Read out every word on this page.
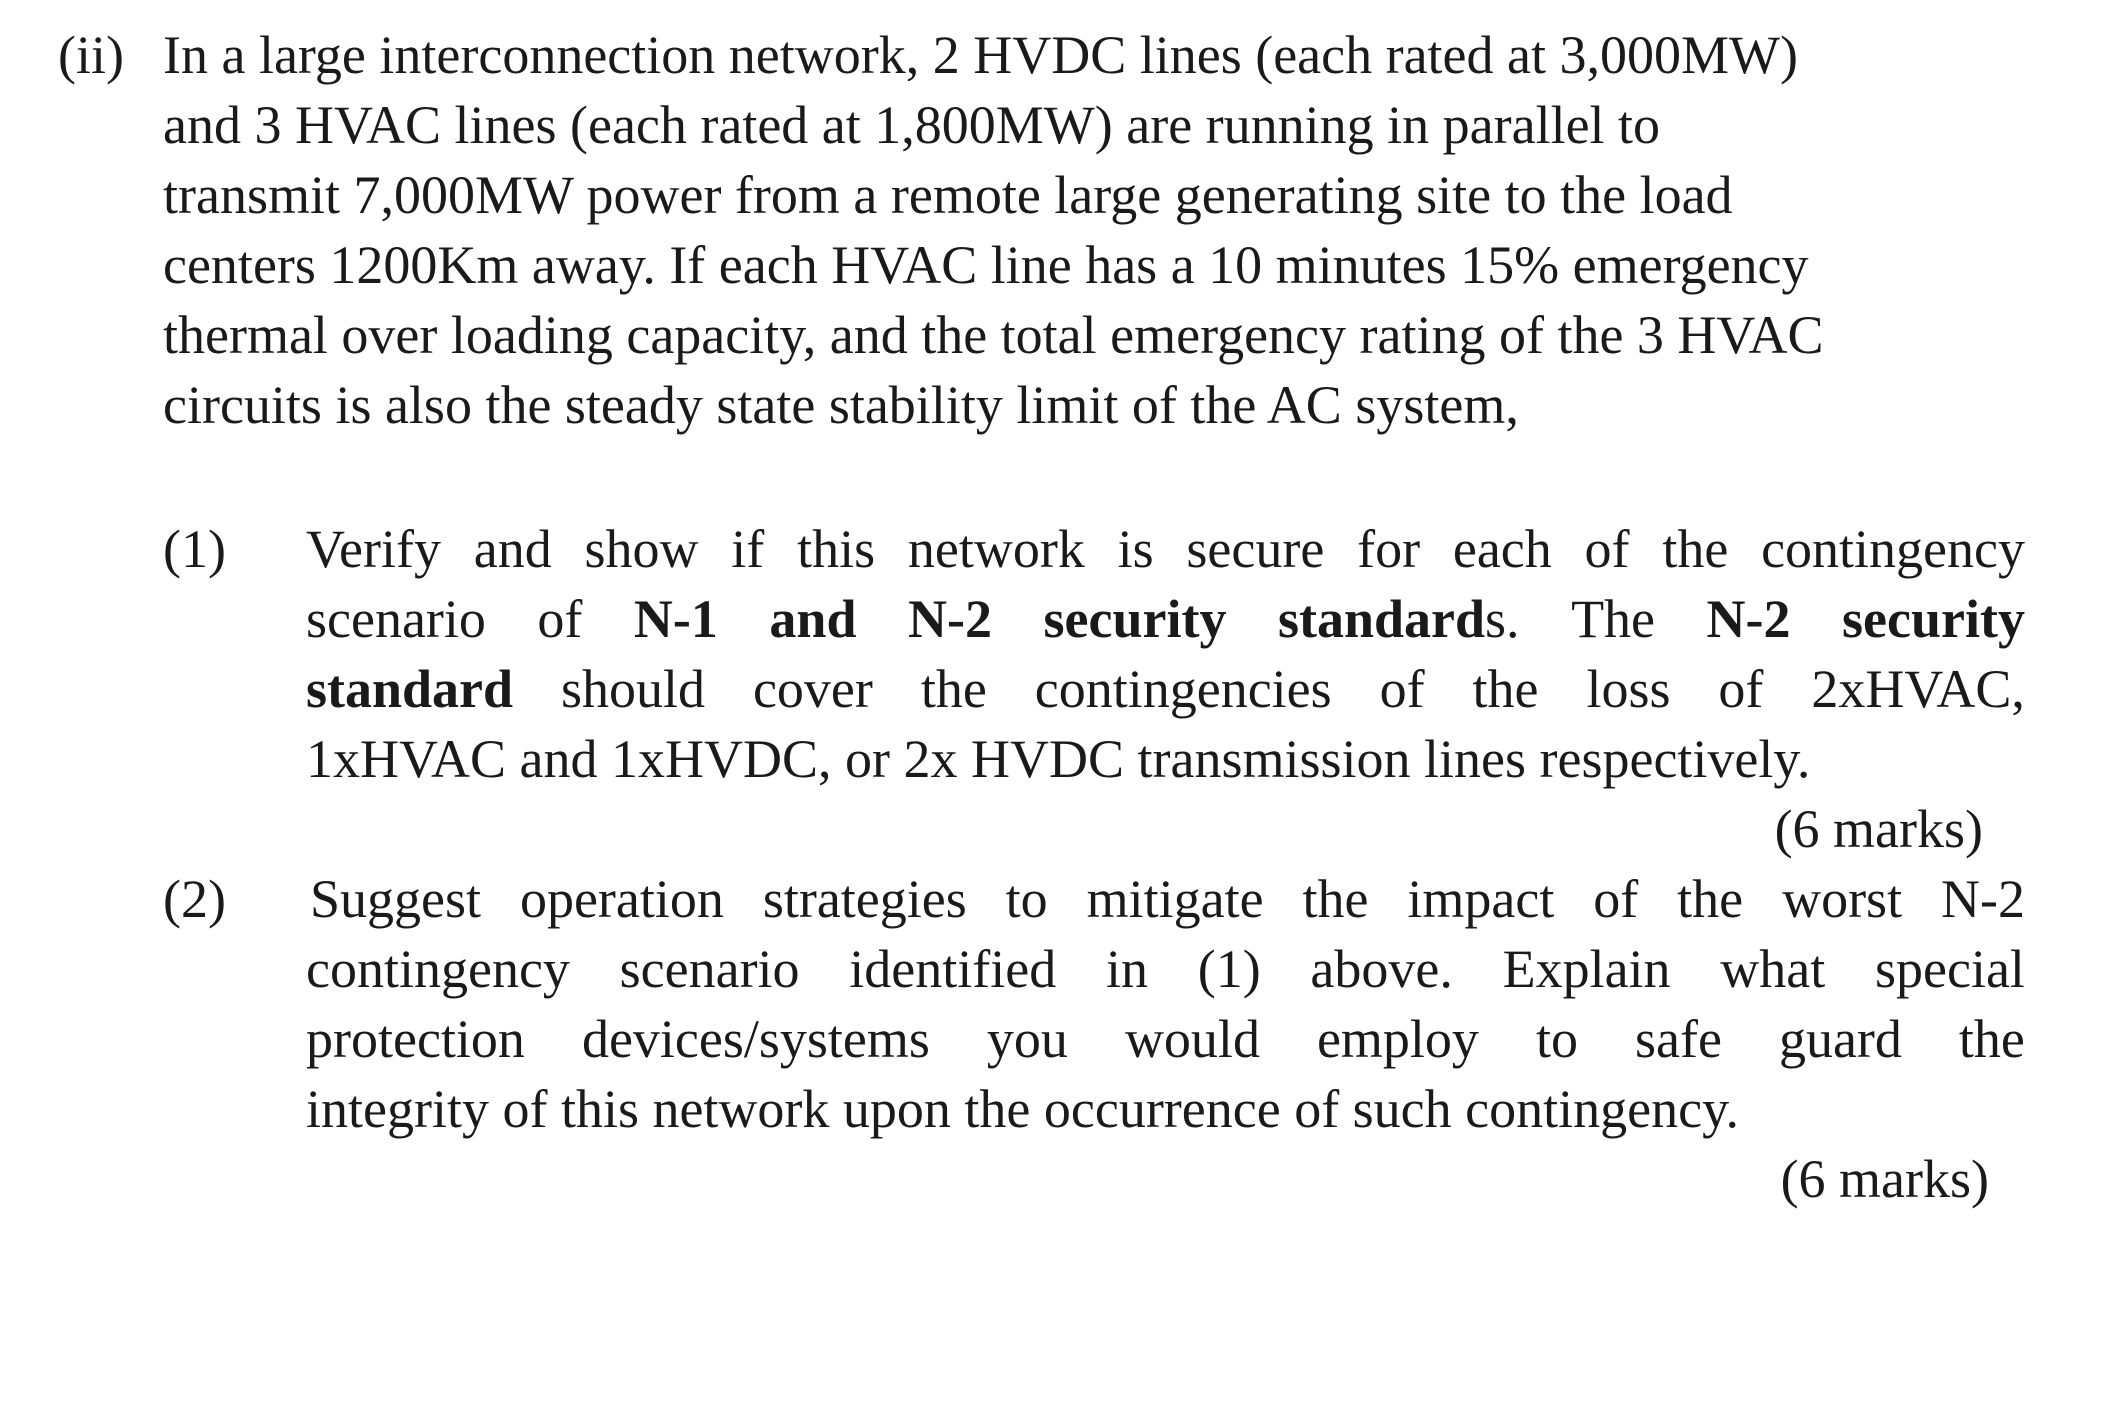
(ii) In a large interconnection network, 2 HVDC lines (each rated at 3,000MW)
and 3 HVAC lines (each rated at 1,800MW) are running in parallel to
transmit 7,000MW power from a remote large generating site to the load
centers 1200Km away. If each HVAC line has a 10 minutes 15% emergency
thermal over loading capacity, and the total emergency rating of the 3 HVAC
circuits is also the steady state stability limit of the AC system,
(1) Verify and show if this network is secure for each of the contingency
scenario of N-1 and N-2 security standards. The N-2 security
standard should cover the contingencies of the loss of 2xHVAC,
1xHVAC and 1xHVDC, or 2x HVDC transmission lines respectively.
(6 marks)
(2) Suggest operation strategies to mitigate the impact of the worst N-2
contingency scenario identified in (1) above. Explain what special
protection devices/systems you would employ to safe guard the
integrity of this network upon the occurrence of such contingency.
(6 marks)
